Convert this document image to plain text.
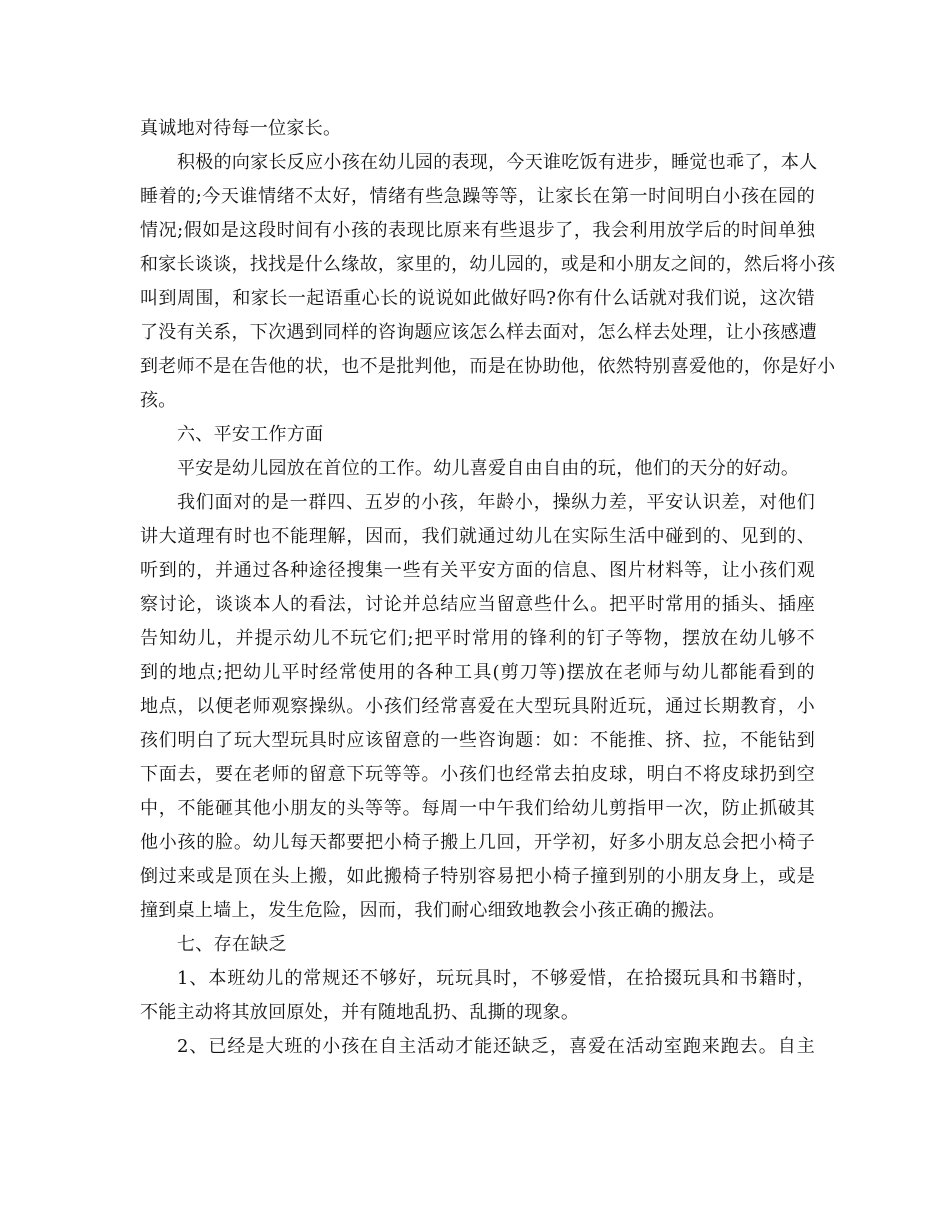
真诚地对待每一位家长。
积极的向家长反应小孩在幼儿园的表现，今天谁吃饭有进步，睡觉也乖了，本人
睡着的;今天谁情绪不太好，情绪有些急躁等等，让家长在第一时间明白小孩在园的
情况;假如是这段时间有小孩的表现比原来有些退步了，我会利用放学后的时间单独
和家长谈谈，找找是什么缘故，家里的，幼儿园的，或是和小朋友之间的，然后将小孩
叫到周围，和家长一起语重心长的说说如此做好吗?你有什么话就对我们说，这次错
了没有关系，下次遇到同样的咨询题应该怎么样去面对，怎么样去处理，让小孩感遭
到老师不是在告他的状，也不是批判他，而是在协助他，依然特别喜爱他的，你是好小
孩。
六、平安工作方面
平安是幼儿园放在首位的工作。幼儿喜爱自由自由的玩，他们的天分的好动。
我们面对的是一群四、五岁的小孩，年龄小，操纵力差，平安认识差，对他们
讲大道理有时也不能理解，因而，我们就通过幼儿在实际生活中碰到的、见到的、
听到的，并通过各种途径搜集一些有关平安方面的信息、图片材料等，让小孩们观
察讨论，谈谈本人的看法，讨论并总结应当留意些什么。把平时常用的插头、插座
告知幼儿，并提示幼儿不玩它们;把平时常用的锋利的钉子等物，摆放在幼儿够不
到的地点;把幼儿平时经常使用的各种工具(剪刀等)摆放在老师与幼儿都能看到的
地点，以便老师观察操纵。小孩们经常喜爱在大型玩具附近玩，通过长期教育，小
孩们明白了玩大型玩具时应该留意的一些咨询题：如：不能推、挤、拉，不能钻到
下面去，要在老师的留意下玩等等。小孩们也经常去拍皮球，明白不将皮球扔到空
中，不能砸其他小朋友的头等等。每周一中午我们给幼儿剪指甲一次，防止抓破其
他小孩的脸。幼儿每天都要把小椅子搬上几回，开学初，好多小朋友总会把小椅子
倒过来或是顶在头上搬，如此搬椅子特别容易把小椅子撞到别的小朋友身上，或是
撞到桌上墙上，发生危险，因而，我们耐心细致地教会小孩正确的搬法。
七、存在缺乏
1、本班幼儿的常规还不够好，玩玩具时，不够爱惜，在拾掇玩具和书籍时，
不能主动将其放回原处，并有随地乱扔、乱撕的现象。
2、已经是大班的小孩在自主活动才能还缺乏，喜爱在活动室跑来跑去。自主
